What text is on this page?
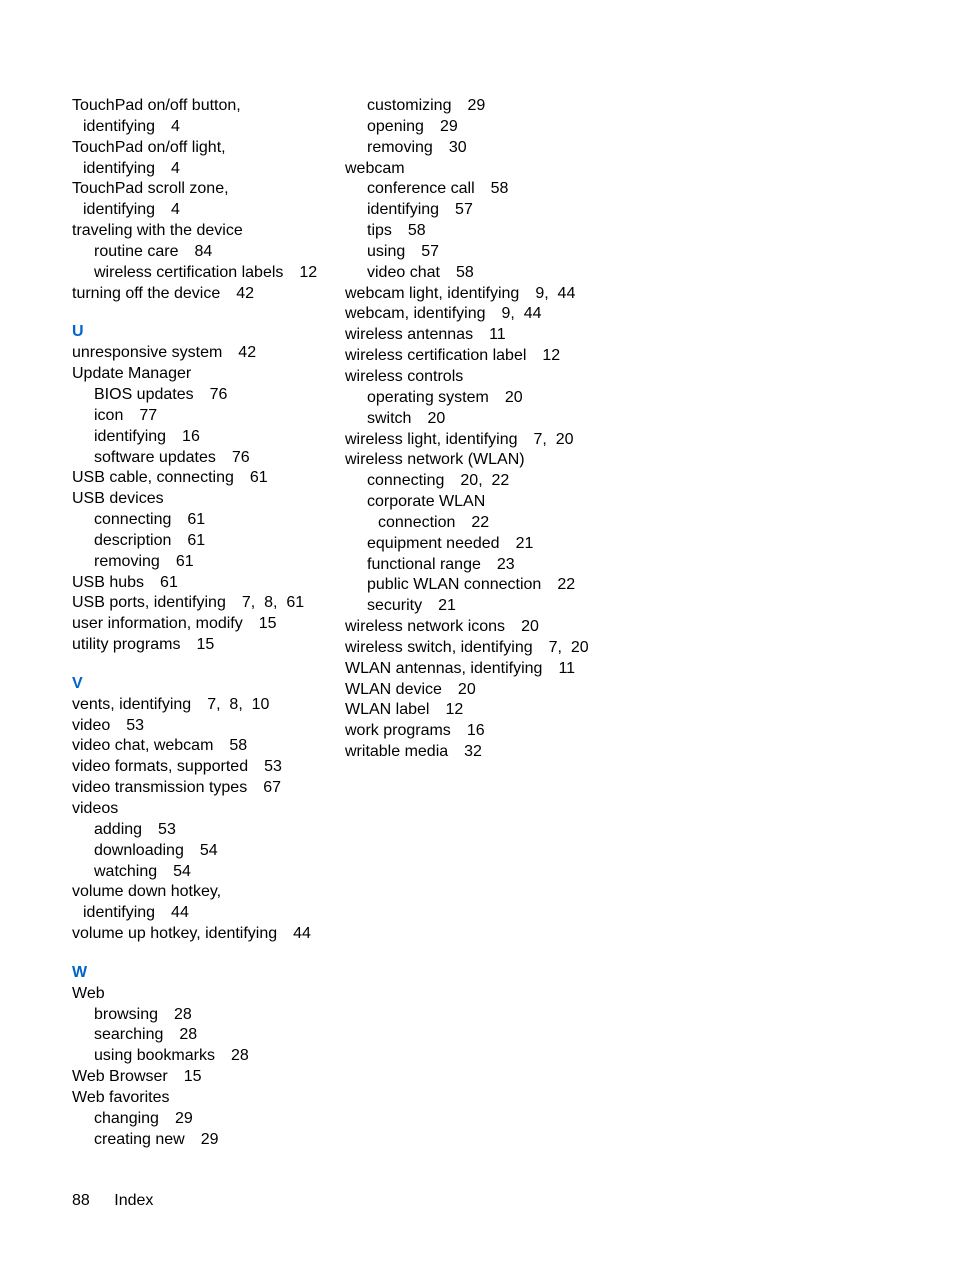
TouchPad on/off button,
identifying 4
TouchPad on/off light,
identifying 4
TouchPad scroll zone,
identifying 4
traveling with the device
routine care 84
wireless certification labels 12
turning off the device 42
U
unresponsive system 42
Update Manager
BIOS updates 76
icon 77
identifying 16
software updates 76
USB cable, connecting 61
USB devices
connecting 61
description 61
removing 61
USB hubs 61
USB ports, identifying 7,  8,  61
user information, modify 15
utility programs 15
V
vents, identifying 7,  8,  10
video 53
video chat, webcam 58
video formats, supported 53
video transmission types 67
videos
adding 53
downloading 54
watching 54
volume down hotkey,
identifying 44
volume up hotkey, identifying 44
W
Web
browsing 28
searching 28
using bookmarks 28
Web Browser 15
Web favorites
changing 29
creating new 29
customizing 29
opening 29
removing 30
webcam
conference call 58
identifying 57
tips 58
using 57
video chat 58
webcam light, identifying 9,  44
webcam, identifying 9,  44
wireless antennas 11
wireless certification label 12
wireless controls
operating system 20
switch 20
wireless light, identifying 7,  20
wireless network (WLAN)
connecting 20,  22
corporate WLAN
connection 22
equipment needed 21
functional range 23
public WLAN connection 22
security 21
wireless network icons 20
wireless switch, identifying 7,  20
WLAN antennas, identifying 11
WLAN device 20
WLAN label 12
work programs 16
writable media 32
88 Index
